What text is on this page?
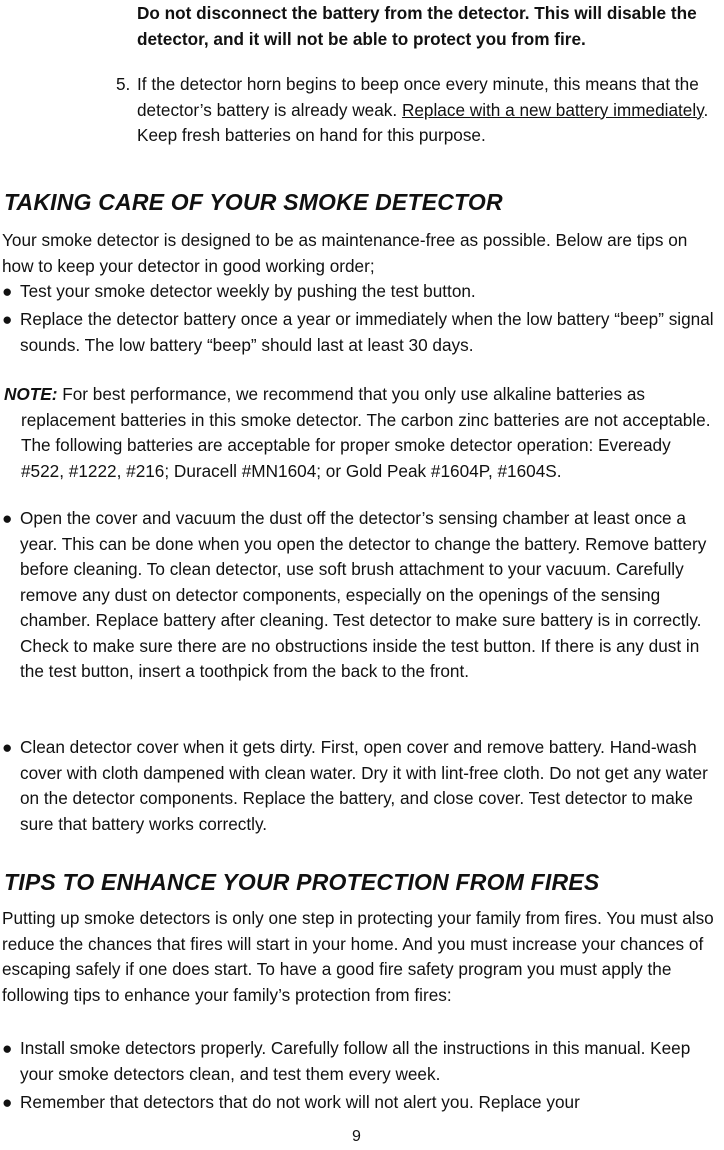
Do not disconnect the battery from the detector. This will disable the detector, and it will not be able to protect you from fire.
5. If the detector horn begins to beep once every minute, this means that the detector’s battery is already weak. Replace with a new battery immediately. Keep fresh batteries on hand for this purpose.
TAKING CARE OF YOUR SMOKE DETECTOR
Your smoke detector is designed to be as maintenance-free as possible. Below are tips on how to keep your detector in good working order;
● Test your smoke detector weekly by pushing the test button.
● Replace the detector battery once a year or immediately when the low battery “beep” signal sounds. The low battery “beep” should last at least 30 days.
NOTE: For best performance, we recommend that you only use alkaline batteries as replacement batteries in this smoke detector. The carbon zinc batteries are not acceptable. The following batteries are acceptable for proper smoke detector operation: Eveready #522, #1222, #216; Duracell #MN1604; or Gold Peak #1604P, #1604S.
● Open the cover and vacuum the dust off the detector’s sensing chamber at least once a year. This can be done when you open the detector to change the battery. Remove battery before cleaning. To clean detector, use soft brush attachment to your vacuum. Carefully remove any dust on detector components, especially on the openings of the sensing chamber. Replace battery after cleaning. Test detector to make sure battery is in correctly. Check to make sure there are no obstructions inside the test button. If there is any dust in the test button, insert a toothpick from the back to the front.
● Clean detector cover when it gets dirty. First, open cover and remove battery. Hand-wash cover with cloth dampened with clean water. Dry it with lint-free cloth. Do not get any water on the detector components. Replace the battery, and close cover. Test detector to make sure that battery works correctly.
TIPS TO ENHANCE YOUR PROTECTION FROM FIRES
Putting up smoke detectors is only one step in protecting your family from fires. You must also reduce the chances that fires will start in your home. And you must increase your chances of escaping safely if one does start. To have a good fire safety program you must apply the following tips to enhance your family’s protection from fires:
● Install smoke detectors properly. Carefully follow all the instructions in this manual. Keep your smoke detectors clean, and test them every week.
● Remember that detectors that do not work will not alert you. Replace your
9
